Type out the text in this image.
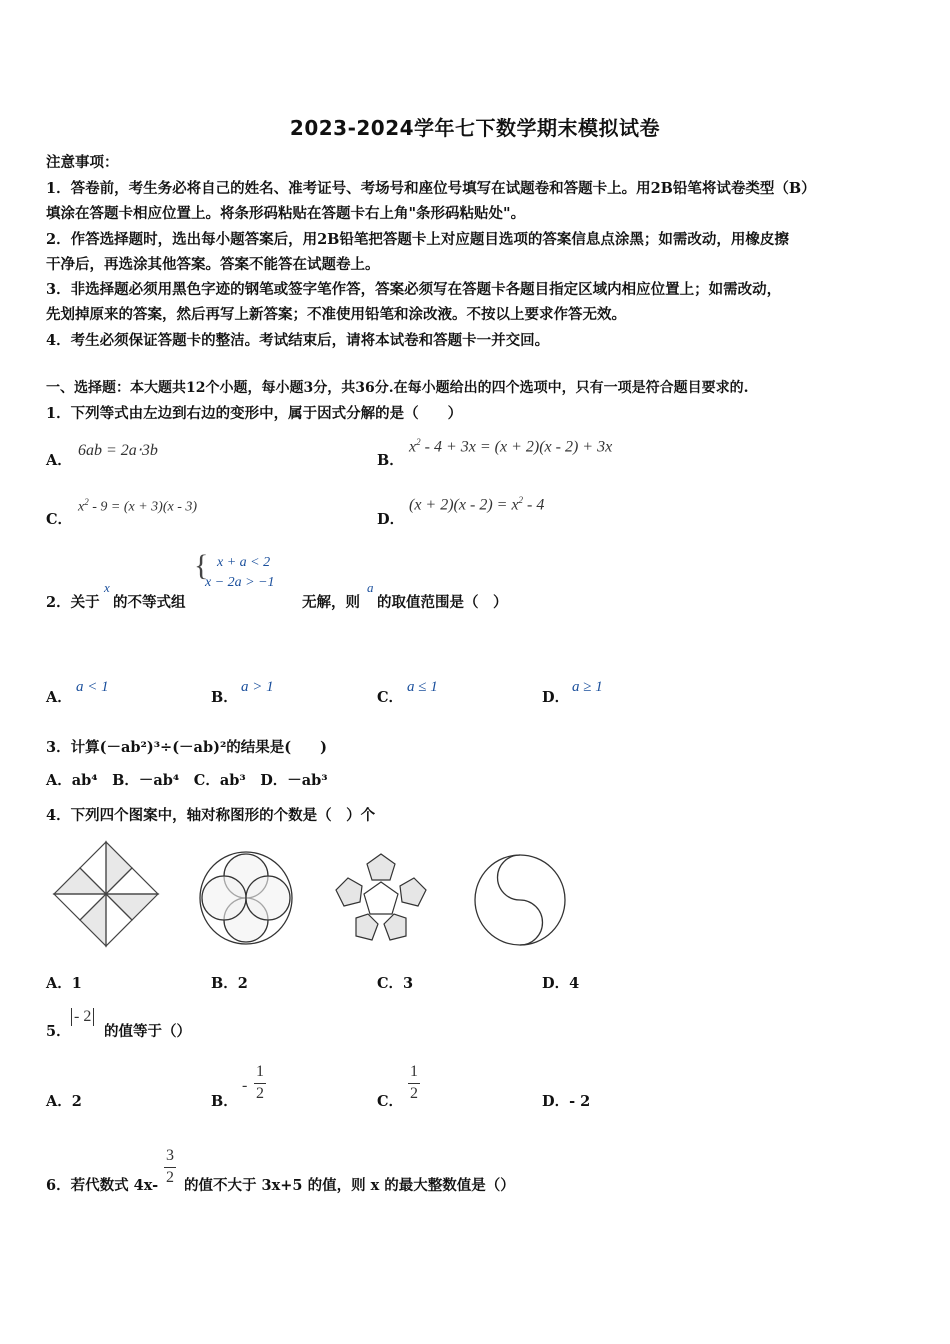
2023-2024学年七下数学期末模拟试卷
注意事项：
1．答卷前，考生务必将自己的姓名、准考证号、考场号和座位号填写在试题卷和答题卡上。用2B铅笔将试卷类型（B）
填涂在答题卡相应位置上。将条形码粘贴在答题卡右上角"条形码粘贴处"。
2．作答选择题时，选出每小题答案后，用2B铅笔把答题卡上对应题目选项的答案信息点涂黑；如需改动，用橡皮擦
干净后，再选涂其他答案。答案不能答在试题卷上。
3．非选择题必须用黑色字迹的钢笔或签字笔作答，答案必须写在答题卡各题目指定区域内相应位置上；如需改动，
先划掉原来的答案，然后再写上新答案；不准使用铅笔和涂改液。不按以上要求作答无效。
4．考生必须保证答题卡的整洁。考试结束后，请将本试卷和答题卡一并交回。
一、选择题：本大题共12个小题，每小题3分，共36分.在每小题给出的四个选项中，只有一项是符合题目要求的.
1．下列等式由左边到右边的变形中，属于因式分解的是（　　）
A．
6ab = 2a⋅3b
B．
$x^2 - 4 + 3x = (x + 2)(x - 2) + 3x$
C．
$x^2 - 9 = (x + 3)(x - 3)$
D．
$(x + 2)(x - 2) = x^2 - 4$
2．关于
x
的不等式组
{ x + a < 2
x − 2a > −1
无解，则
a
的取值范围是（　）
A．
a < 1
B．
a > 1
C．
a ≤ 1
D．
a ≥ 1
3．计算(－ab²)³÷(－ab)²的结果是(　　)
A．ab⁴　B．－ab⁴　C．ab³　D．－ab³
4．下列四个图案中，轴对称图形的个数是（　）个
A．1	B．2	C．3	D．4
5．
- 2
的值等于（）
A．2	B．
- $\frac{1}{2}$	C． $\frac{1}{2}$	D．- 2
6．若代数式 $4x- \frac{3}{2}$ 的值不大于 3x+5 的值，则 x 的最大整数值是（）
